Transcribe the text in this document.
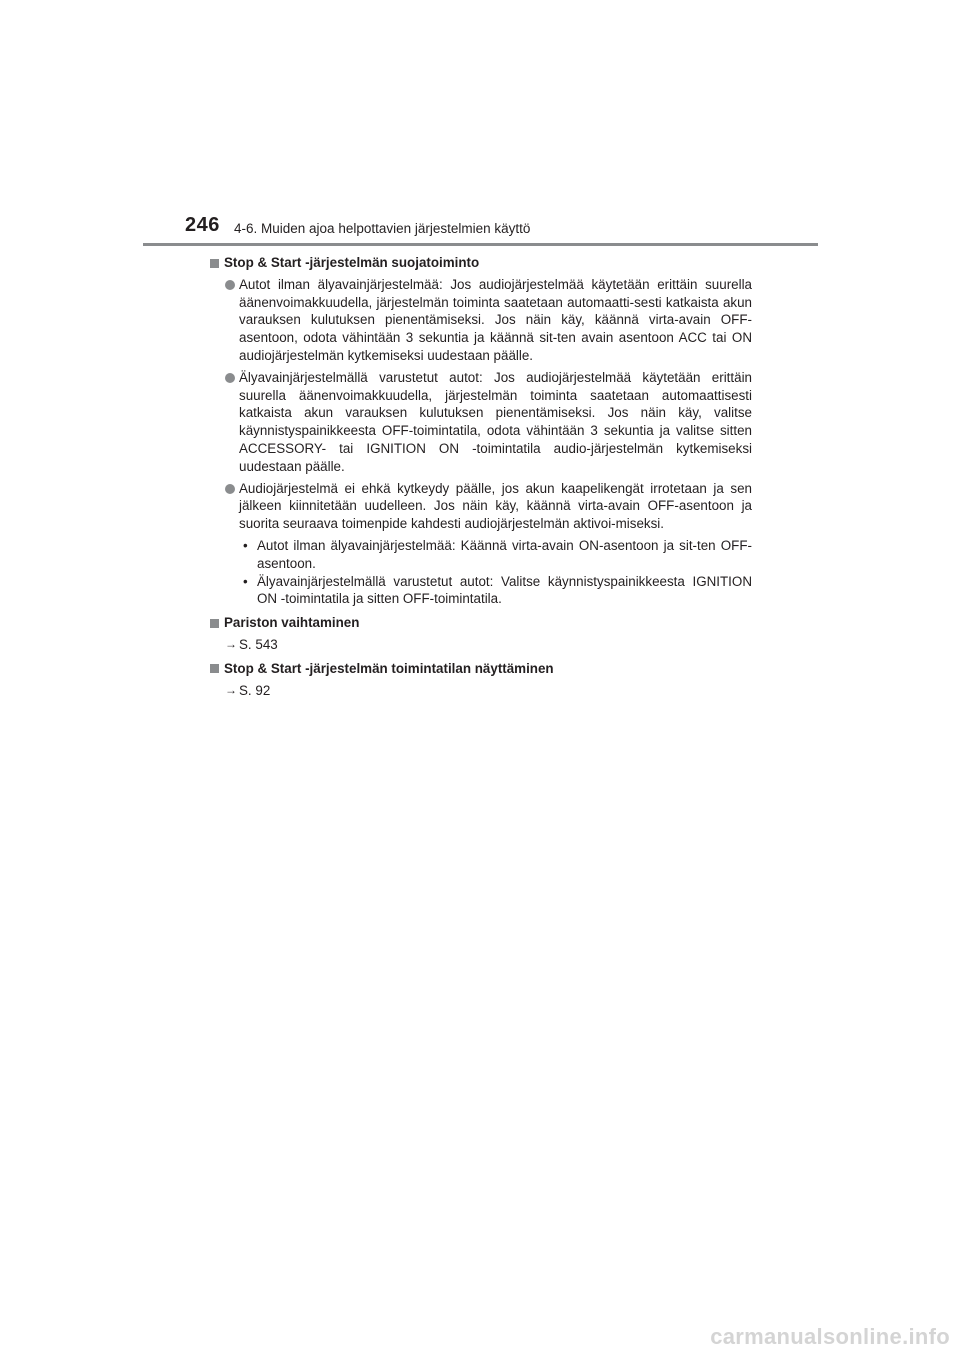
246 4-6. Muiden ajoa helpottavien järjestelmien käyttö

Stop & Start -järjestelmän suojatoiminto

Autot ilman älyavainjärjestelmää: Jos audiojärjestelmää käytetään erittäin suurella äänenvoimakkuudella, järjestelmän toiminta saatetaan automaatti-sesti katkaista akun varauksen kulutuksen pienentämiseksi. Jos näin käy, käännä virta-avain OFF-asentoon, odota vähintään 3 sekuntia ja käännä sit-ten avain asentoon ACC tai ON audiojärjestelmän kytkemiseksi uudestaan päälle.

Älyavainjärjestelmällä varustetut autot: Jos audiojärjestelmää käytetään erittäin suurella äänenvoimakkuudella, järjestelmän toiminta saatetaan automaattisesti katkaista akun varauksen kulutuksen pienentämiseksi. Jos näin käy, valitse käynnistyspainikkeesta OFF-toimintatila, odota vähintään 3 sekuntia ja valitse sitten ACCESSORY- tai IGNITION ON -toimintatila audio-järjestelmän kytkemiseksi uudestaan päälle.

Audiojärjestelmä ei ehkä kytkeydy päälle, jos akun kaapelikengät irrotetaan ja sen jälkeen kiinnitetään uudelleen. Jos näin käy, käännä virta-avain OFF-asentoon ja suorita seuraava toimenpide kahdesti audiojärjestelmän aktivoi-miseksi.

• Autot ilman älyavainjärjestelmää: Käännä virta-avain ON-asentoon ja sit-ten OFF-asentoon.

• Älyavainjärjestelmällä varustetut autot: Valitse käynnistyspainikkeesta IGNITION ON -toimintatila ja sitten OFF-toimintatila.

Pariston vaihtaminen

→ S. 543

Stop & Start -järjestelmän toimintatilan näyttäminen

→ S. 92

carmanualsonline.info
